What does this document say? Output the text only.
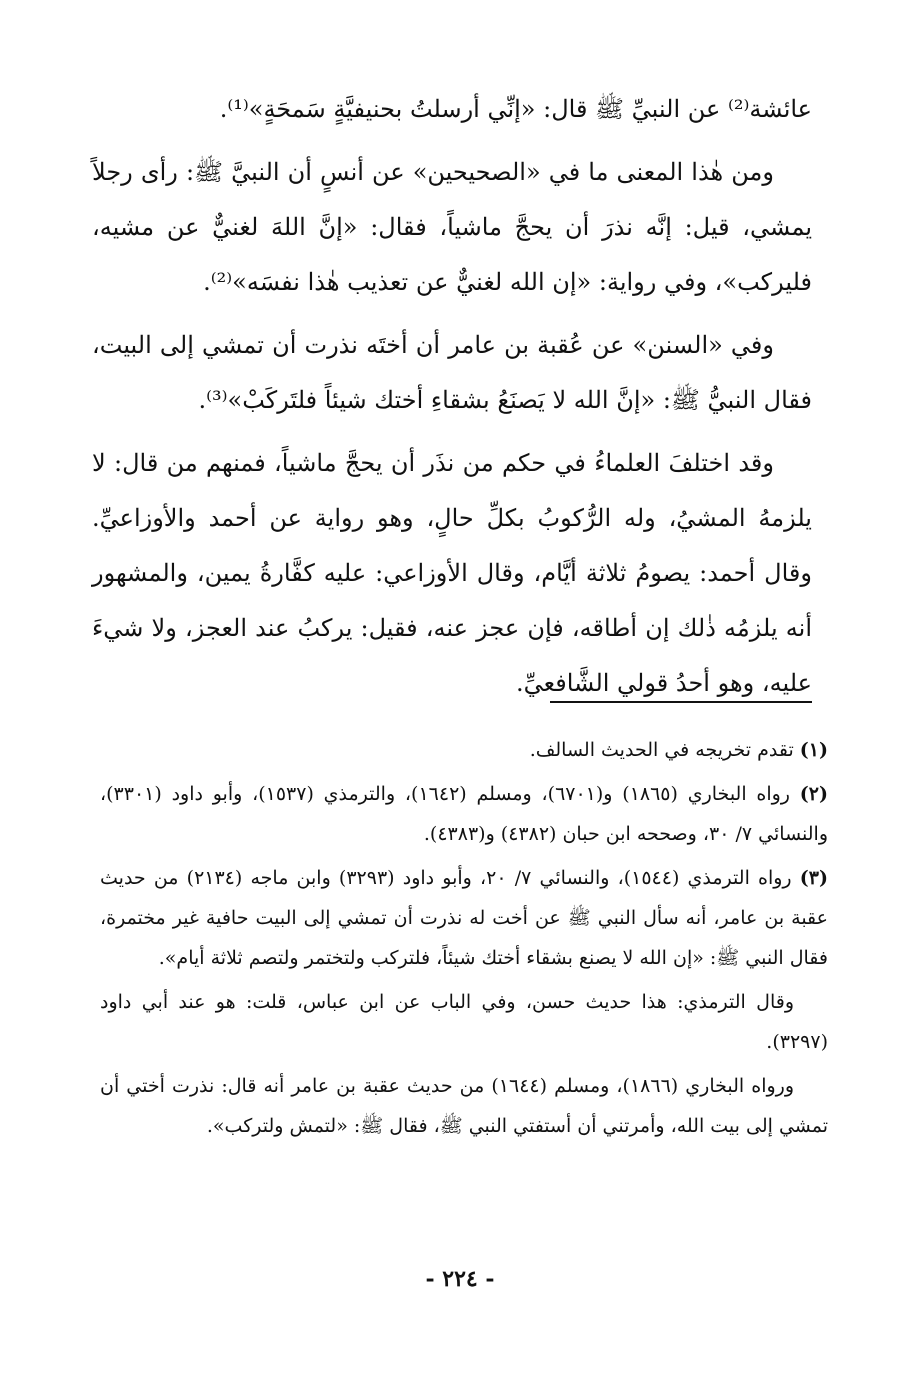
عائشة⁽²⁾ عن النبيِّ ﷺ قال: «إنِّي أرسلتُ بحنيفيَّةٍ سَمحَةٍ»⁽¹⁾.

ومن هٰذا المعنى ما في «الصحيحين» عن أنسٍ أن النبيَّ ﷺ: رأى رجلاً يمشي، قيل: إنَّه نذرَ أن يحجَّ ماشياً، فقال: «إنَّ اللهَ لغنيٌّ عن مشيه، فليركب»، وفي رواية: «إن الله لغنيٌّ عن تعذيب هٰذا نفسَه»⁽²⁾.

وفي «السنن» عن عُقبة بن عامر أن أختَه نذرت أن تمشي إلى البيت، فقال النبيُّ ﷺ: «إنَّ الله لا يَصنَعُ بشقاءِ أختك شيئاً فلتَركَبْ»⁽³⁾.

وقد اختلفَ العلماءُ في حكم من نذَر أن يحجَّ ماشياً، فمنهم من قال: لا يلزمهُ المشيُ، وله الرُّكوبُ بكلِّ حالٍ، وهو رواية عن أحمد والأوزاعيِّ. وقال أحمد: يصومُ ثلاثة أيَّام، وقال الأوزاعي: عليه كفَّارةُ يمين، والمشهور أنه يلزمُه ذٰلك إن أطاقه، فإن عجز عنه، فقيل: يركبُ عند العجز، ولا شيءَ عليه، وهو أحدُ قولي الشَّافعيِّ.

(١) تقدم تخريجه في الحديث السالف.

(٢) رواه البخاري (١٨٦٥) و(٦٧٠١)، ومسلم (١٦٤٢)، والترمذي (١٥٣٧)، وأبو داود (٣٣٠١)، والنسائي ٧/ ٣٠، وصححه ابن حبان (٤٣٨٢) و(٤٣٨٣).

(٣) رواه الترمذي (١٥٤٤)، والنسائي ٧/ ٢٠، وأبو داود (٣٢٩٣) وابن ماجه (٢١٣٤) من حديث عقبة بن عامر، أنه سأل النبي ﷺ عن أخت له نذرت أن تمشي إلى البيت حافية غير مختمرة، فقال النبي ﷺ: «إن الله لا يصنع بشقاء أختك شيئاً، فلتركب ولتختمر ولتصم ثلاثة أيام».

وقال الترمذي: هذا حديث حسن، وفي الباب عن ابن عباس، قلت: هو عند أبي داود (٣٢٩٧).

ورواه البخاري (١٨٦٦)، ومسلم (١٦٤٤) من حديث عقبة بن عامر أنه قال: نذرت أختي أن تمشي إلى بيت الله، وأمرتني أن أستفتي النبي ﷺ، فقال ﷺ: «لتمش ولتركب».

- ٢٢٤ -
